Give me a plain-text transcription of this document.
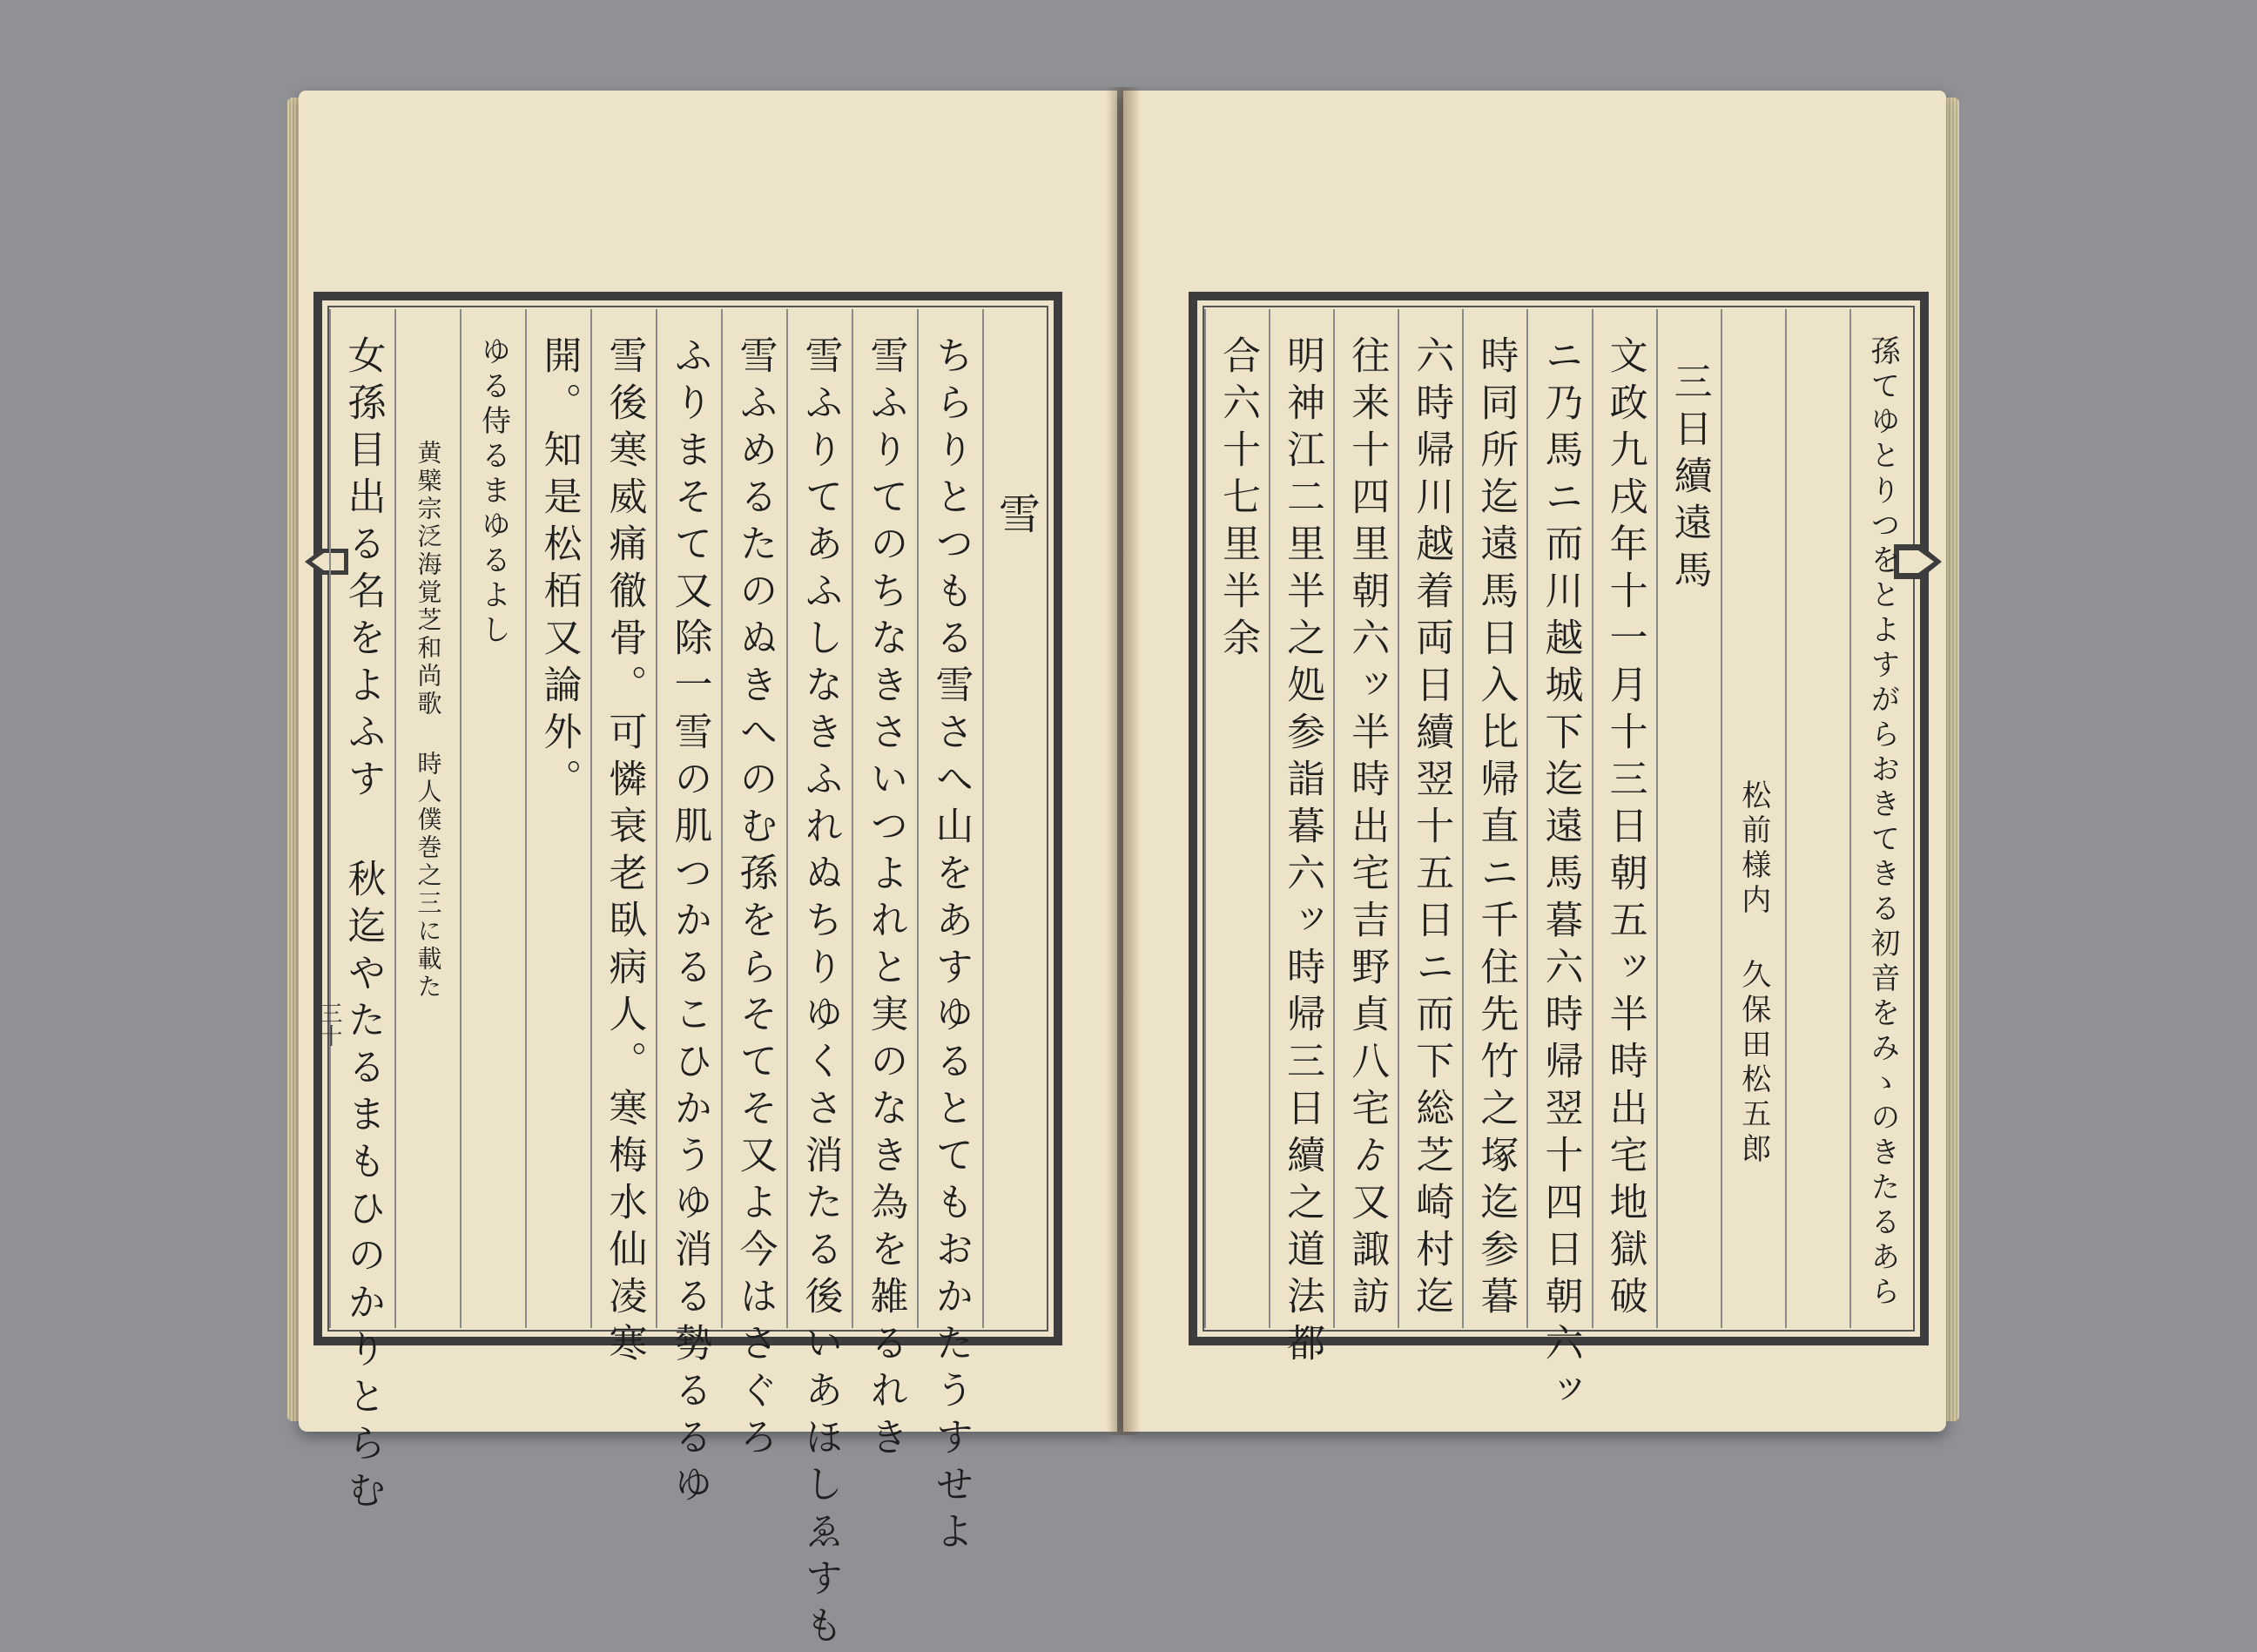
雪
ちらりとつもる雪さへ山をあすゆるとてもおかたうすせよ
雪ふりてのちなきさいつよれと実のなき為を雑るれき
雪ふりてあふしなきふれぬちりゆくさ消たる後いあほしゑすも
雪ふめるたのぬきへのむ孫をらそてそ又よ今はさぐろ
ふりまそて又除一雪の肌つかるこひかうゆ消る勢るるゆ
雪後寒威痛徹骨。可憐衰老臥病人。寒梅水仙凌寒
開。知是松栢又論外。
ゆる侍るまゆるよし
黄檗宗泛海覚芝和尚歌 時人僕巻之三に載た
女孫目出る名をよふす 秋迄やたるまもひのかりとらむ	孫てゆとりつをとよすがらおきてきる初音をみゝのきたるあら
松前様内 久保田松五郎
三日續遠馬
文政九戌年十一月十三日朝五ッ半時出宅地獄破
ニ乃馬ニ而川越城下迄遠馬暮六時帰翌十四日朝六ッ
時同所迄遠馬日入比帰直ニ千住先竹之塚迄参暮
六時帰川越着両日續翌十五日ニ而下総芝崎村迄
往来十四里朝六ッ半時出宅吉野貞八宅ゟ又諏訪
明神江二里半之処参詣暮六ッ時帰三日續之道法都
合六十七里半余
三十
